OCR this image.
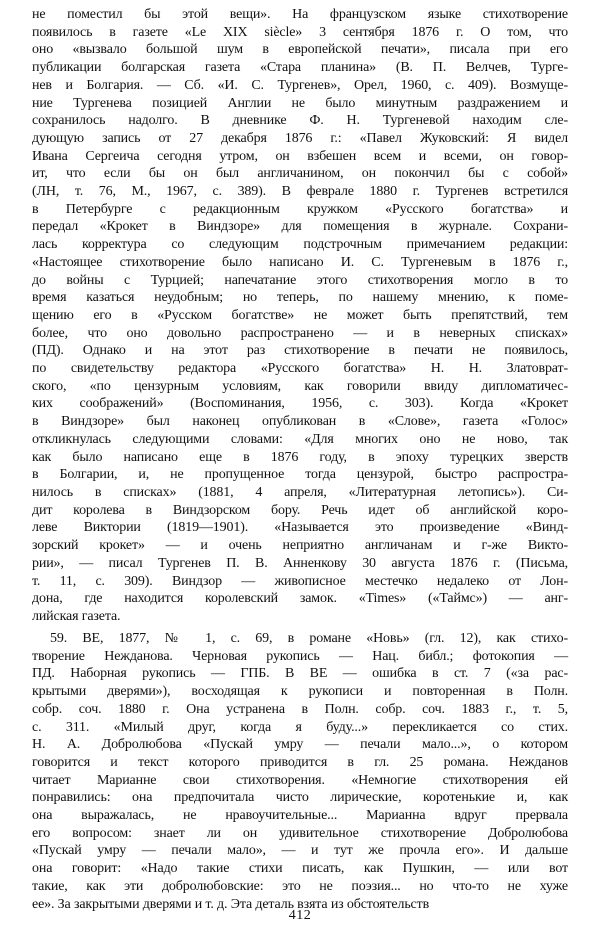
не поместил бы этой вещи». На французском языке стихотворение
появилось в газете «Le XIX siècle» 3 сентября 1876 г. О том, что
оно «вызвало большой шум в европейской печати», писала при его
публикации болгарская газета «Стара планина» (В. П. Велчев, Турге-
нев и Болгария. — Сб. «И. С. Тургенев», Орел, 1960, с. 409). Возмуще-
ние Тургенева позицией Англии не было минутным раздражением и
сохранилось надолго. В дневнике Ф. Н. Тургеневой находим сле-
дующую запись от 27 декабря 1876 г.: «Павел Жуковский: Я видел
Ивана Сергеича сегодня утром, он взбешен всем и всеми, он говор-
ит, что если бы он был англичанином, он покончил бы с собой»
(ЛН, т. 76, М., 1967, с. 389). В феврале 1880 г. Тургенев встретился
в Петербурге с редакционным кружком «Русского богатства» и
передал «Крокет в Виндзоре» для помещения в журнале. Сохрани-
лась корректура со следующим подстрочным примечанием редакции:
«Настоящее стихотворение было написано И. С. Тургеневым в 1876 г.,
до войны с Турцией; напечатание этого стихотворения могло в то
время казаться неудобным; но теперь, по нашему мнению, к поме-
щению его в «Русском богатстве» не может быть препятствий, тем
более, что оно довольно распространено — и в неверных списках»
(ПД). Однако и на этот раз стихотворение в печати не появилось,
по свидетельству редактора «Русского богатства» Н. Н. Златоврат-
ского, «по цензурным условиям, как говорили ввиду дипломатичес-
ких соображений» (Воспоминания, 1956, с. 303). Когда «Крокет
в Виндзоре» был наконец опубликован в «Слове», газета «Голос»
откликнулась следующими словами: «Для многих оно не ново, так
как было написано еще в 1876 году, в эпоху турецких зверств
в Болгарии, и, не пропущенное тогда цензурой, быстро распростра-
нилось в списках» (1881, 4 апреля, «Литературная летопись»). Си-
дит королева в Виндзорском бору. Речь идет об английской коро-
леве Виктории (1819—1901). «Называется это произведение «Винд-
зорский крокет» — и очень неприятно англичанам и г-же Викто-
рии», — писал Тургенев П. В. Анненкову 30 августа 1876 г. (Письма,
т. 11, с. 309). Виндзор — живописное местечко недалеко от Лон-
дона, где находится королевский замок. «Times» («Таймс») — анг-
лийская газета.
59. ВЕ, 1877, № 1, с. 69, в романе «Новь» (гл. 12), как стихо-
творение Нежданова. Черновая рукопись — Нац. библ.; фотокопия —
ПД. Наборная рукопись — ГПБ. В ВЕ — ошибка в ст. 7 («за рас-
крытыми дверями»), восходящая к рукописи и повторенная в Полн.
собр. соч. 1880 г. Она устранена в Полн. собр. соч. 1883 г., т. 5,
с. 311. «Милый друг, когда я буду...» перекликается со стих.
Н. А. Добролюбова «Пускай умру — печали мало...», о котором
говорится и текст которого приводится в гл. 25 романа. Нежданов
читает Марианне свои стихотворения. «Немногие стихотворения ей
понравились: она предпочитала чисто лирические, коротенькие и, как
она выражалась, не нравоучительные... Марианна вдруг прервала
его вопросом: знает ли он удивительное стихотворение Добролюбова
«Пускай умру — печали мало», — и тут же прочла его». И дальше
она говорит: «Надо такие стихи писать, как Пушкин, — или вот
такие, как эти добролюбовские: это не поэзия... но что-то не хуже
ее». За закрытыми дверями и т. д. Эта деталь взята из обстоятельств
412
